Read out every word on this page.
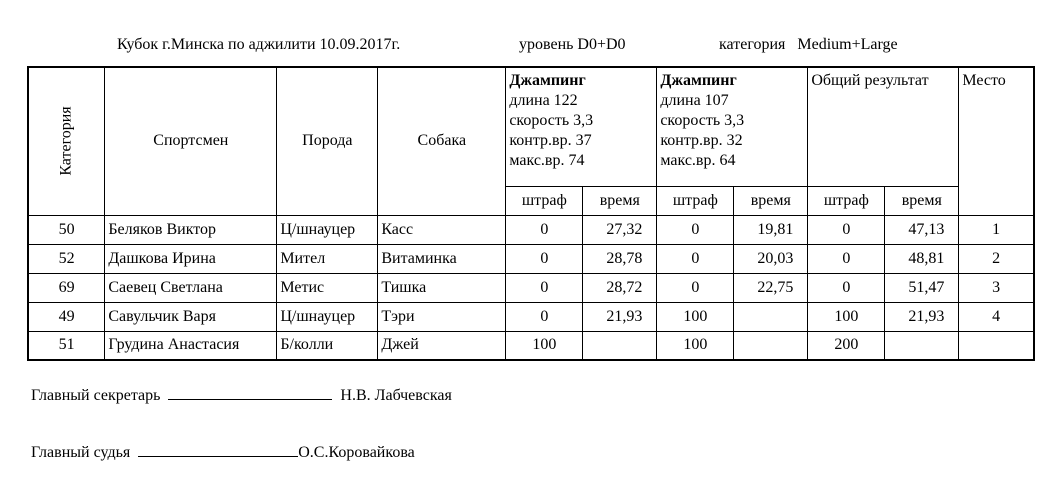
Кубок г.Минска по аджилити 10.09.2017г.	уровень D0+D0	категория   Medium+Large
Категория	Спортсмен	Порода	Собака	Джампинг
длина 122
скорость 3,3
контр.вр. 37
макс.вр. 74		Джампинг
длина 107
скорость 3,3
контр.вр. 32
макс.вр. 64		Общий результат		Место
				штраф	время	штраф	время	штраф	время	
50	Беляков Виктор	Ц/шнауцер	Касс	0	27,32	0	19,81	0	47,13	1
52	Дашкова Ирина	Мител	Витаминка	0	28,78	0	20,03	0	48,81	2
69	Саевец Светлана	Метис	Тишка	0	28,72	0	22,75	0	51,47	3
49	Савульчик Варя	Ц/шнауцер	Тэри	0	21,93	100		100	21,93	4
51	Грудина Анастасия	Б/колли	Джей	100		100		200		
Главный секретарь	Н.В. Лабчевская
Главный судья	О.С.Коровайкова
